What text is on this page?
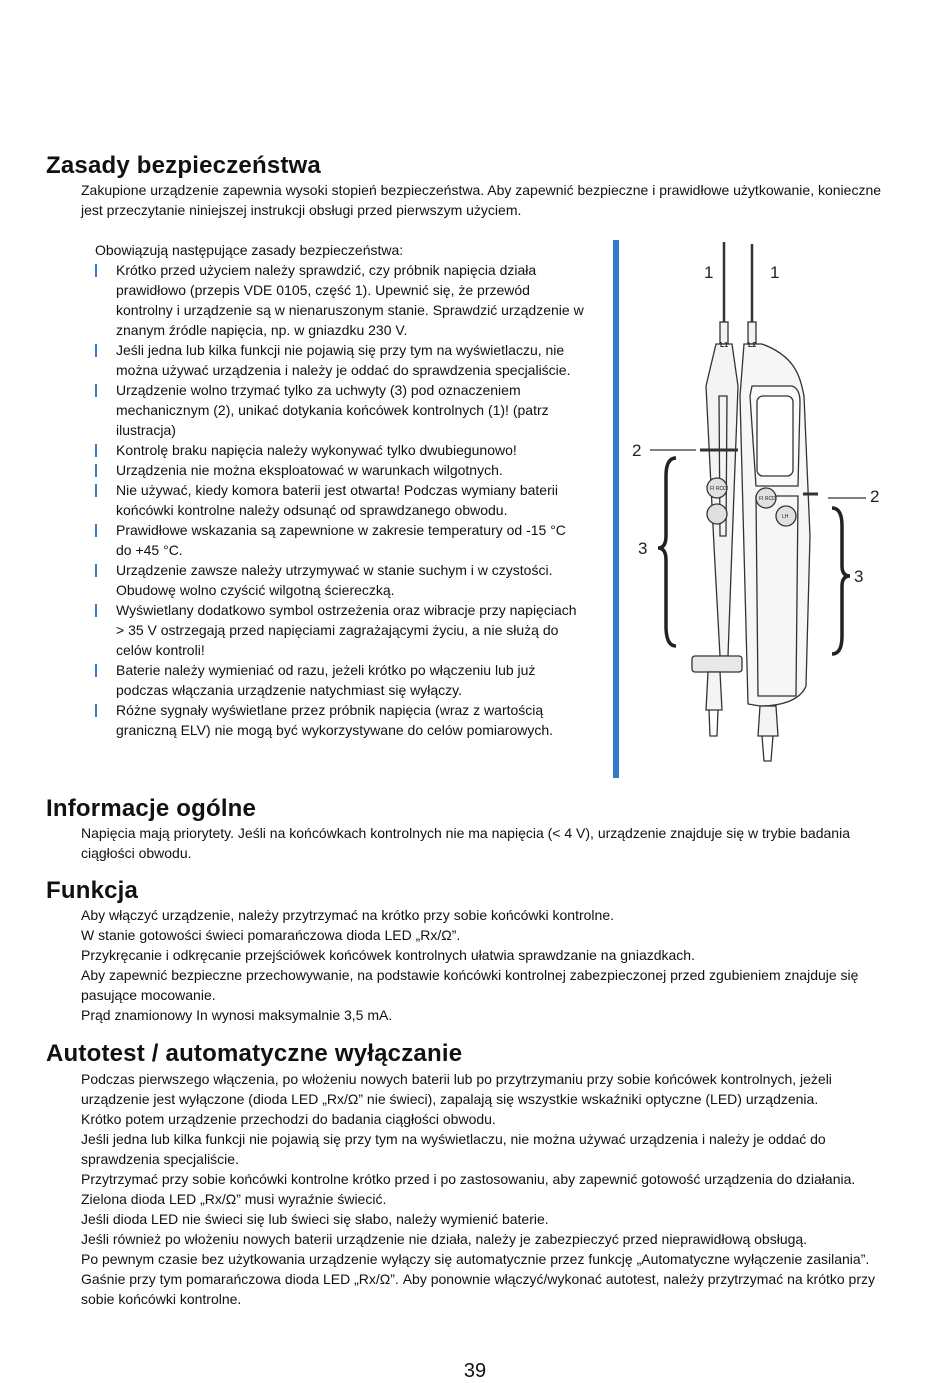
Zasady bezpieczeństwa

Zakupione urządzenie zapewnia wysoki stopień bezpieczeństwa. Aby zapewnić bezpieczne i prawidłowe użytkowanie, konieczne jest przeczytanie niniejszej instrukcji obsługi przed pierwszym użyciem.

Obowiązują następujące zasady bezpieczeństwa:
Krótko przed użyciem należy sprawdzić, czy próbnik napięcia działa prawidłowo (przepis VDE 0105, część 1). Upewnić się, że przewód kontrolny i urządzenie są w nienaruszonym stanie. Sprawdzić urządzenie w znanym źródle napięcia, np. w gniazdku 230 V.
Jeśli jedna lub kilka funkcji nie pojawią się przy tym na wyświetlaczu, nie można używać urządzenia i należy je oddać do sprawdzenia specjaliście.
Urządzenie wolno trzymać tylko za uchwyty (3) pod oznaczeniem mechanicznym (2), unikać dotykania końcówek kontrolnych (1)! (patrz ilustracja)
Kontrolę braku napięcia należy wykonywać tylko dwubiegunowo!
Urządzenia nie można eksploatować w warunkach wilgotnych.
Nie używać, kiedy komora baterii jest otwarta! Podczas wymiany baterii końcówki kontrolne należy odsunąć od sprawdzanego obwodu.
Prawidłowe wskazania są zapewnione w zakresie temperatury od -15 °C do +45 °C.
Urządzenie zawsze należy utrzymywać w stanie suchym i w czystości. Obudowę wolno czyścić wilgotną ściereczką.
Wyświetlany dodatkowo symbol ostrzeżenia oraz wibracje przy napięciach > 35 V ostrzegają przed napięciami zagrażającymi życiu, a nie służą do celów kontroli!
Baterie należy wymieniać od razu, jeżeli krótko po włączeniu lub już podczas włączania urządzenie natychmiast się wyłączy.
Różne sygnały wyświetlane przez próbnik napięcia (wraz z wartością graniczną ELV) nie mogą być wykorzystywane do celów pomiarowych.
1	1
2
2
3
3
L1	L2
FI RCD
FI RCD
LH
Informacje ogólne

Napięcia mają priorytety. Jeśli na końcówkach kontrolnych nie ma napięcia (< 4 V), urządzenie znajduje się w trybie badania ciągłości obwodu.

Funkcja
Aby włączyć urządzenie, należy przytrzymać na krótko przy sobie końcówki kontrolne.
W stanie gotowości świeci pomarańczowa dioda LED „Rx/Ω”.
Przykręcanie i odkręcanie przejściówek końcówek kontrolnych ułatwia sprawdzanie na gniazdkach.
Aby zapewnić bezpieczne przechowywanie, na podstawie końcówki kontrolnej zabezpieczonej przed zgubieniem znajduje się pasujące mocowanie.
Prąd znamionowy In wynosi maksymalnie 3,5 mA.
Autotest / automatyczne wyłączanie
Podczas pierwszego włączenia, po włożeniu nowych baterii lub po przytrzymaniu przy sobie końcówek kontrolnych, jeżeli urządzenie jest wyłączone (dioda LED „Rx/Ω” nie świeci), zapalają się wszystkie wskaźniki optyczne (LED) urządzenia.
Krótko potem urządzenie przechodzi do badania ciągłości obwodu.
Jeśli jedna lub kilka funkcji nie pojawią się przy tym na wyświetlaczu, nie można używać urządzenia i należy je oddać do sprawdzenia specjaliście.
Przytrzymać przy sobie końcówki kontrolne krótko przed i po zastosowaniu, aby zapewnić gotowość urządzenia do działania.
Zielona dioda LED „Rx/Ω” musi wyraźnie świecić.
Jeśli dioda LED nie świeci się lub świeci się słabo, należy wymienić baterie.
Jeśli również po włożeniu nowych baterii urządzenie nie działa, należy je zabezpieczyć przed nieprawidłową obsługą.
Po pewnym czasie bez użytkowania urządzenie wyłączy się automatycznie przez funkcję „Automatyczne wyłączenie zasilania”.
Gaśnie przy tym pomarańczowa dioda LED „Rx/Ω”. Aby ponownie włączyć/wykonać autotest, należy przytrzymać na krótko przy sobie końcówki kontrolne.
39
